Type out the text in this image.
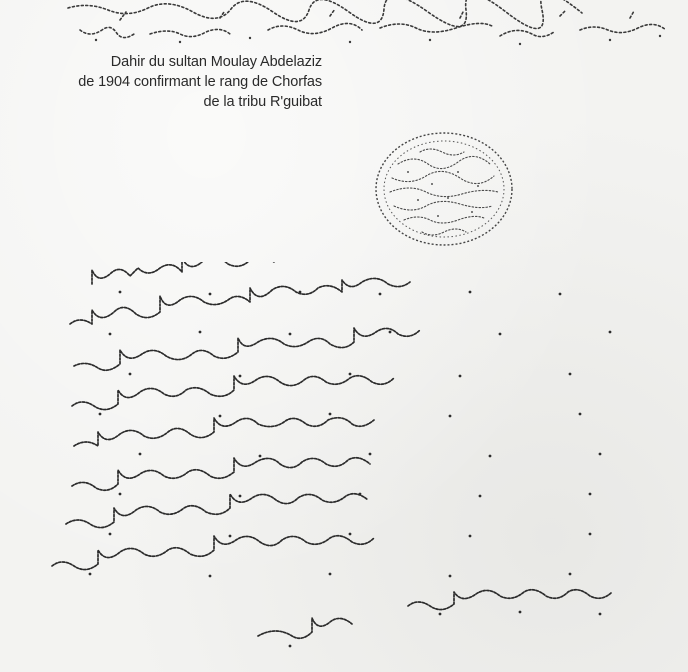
Dahir du sultan Moulay Abdelaziz
de 1904 confirmant le rang de Chorfas
de la tribu R'guibat
